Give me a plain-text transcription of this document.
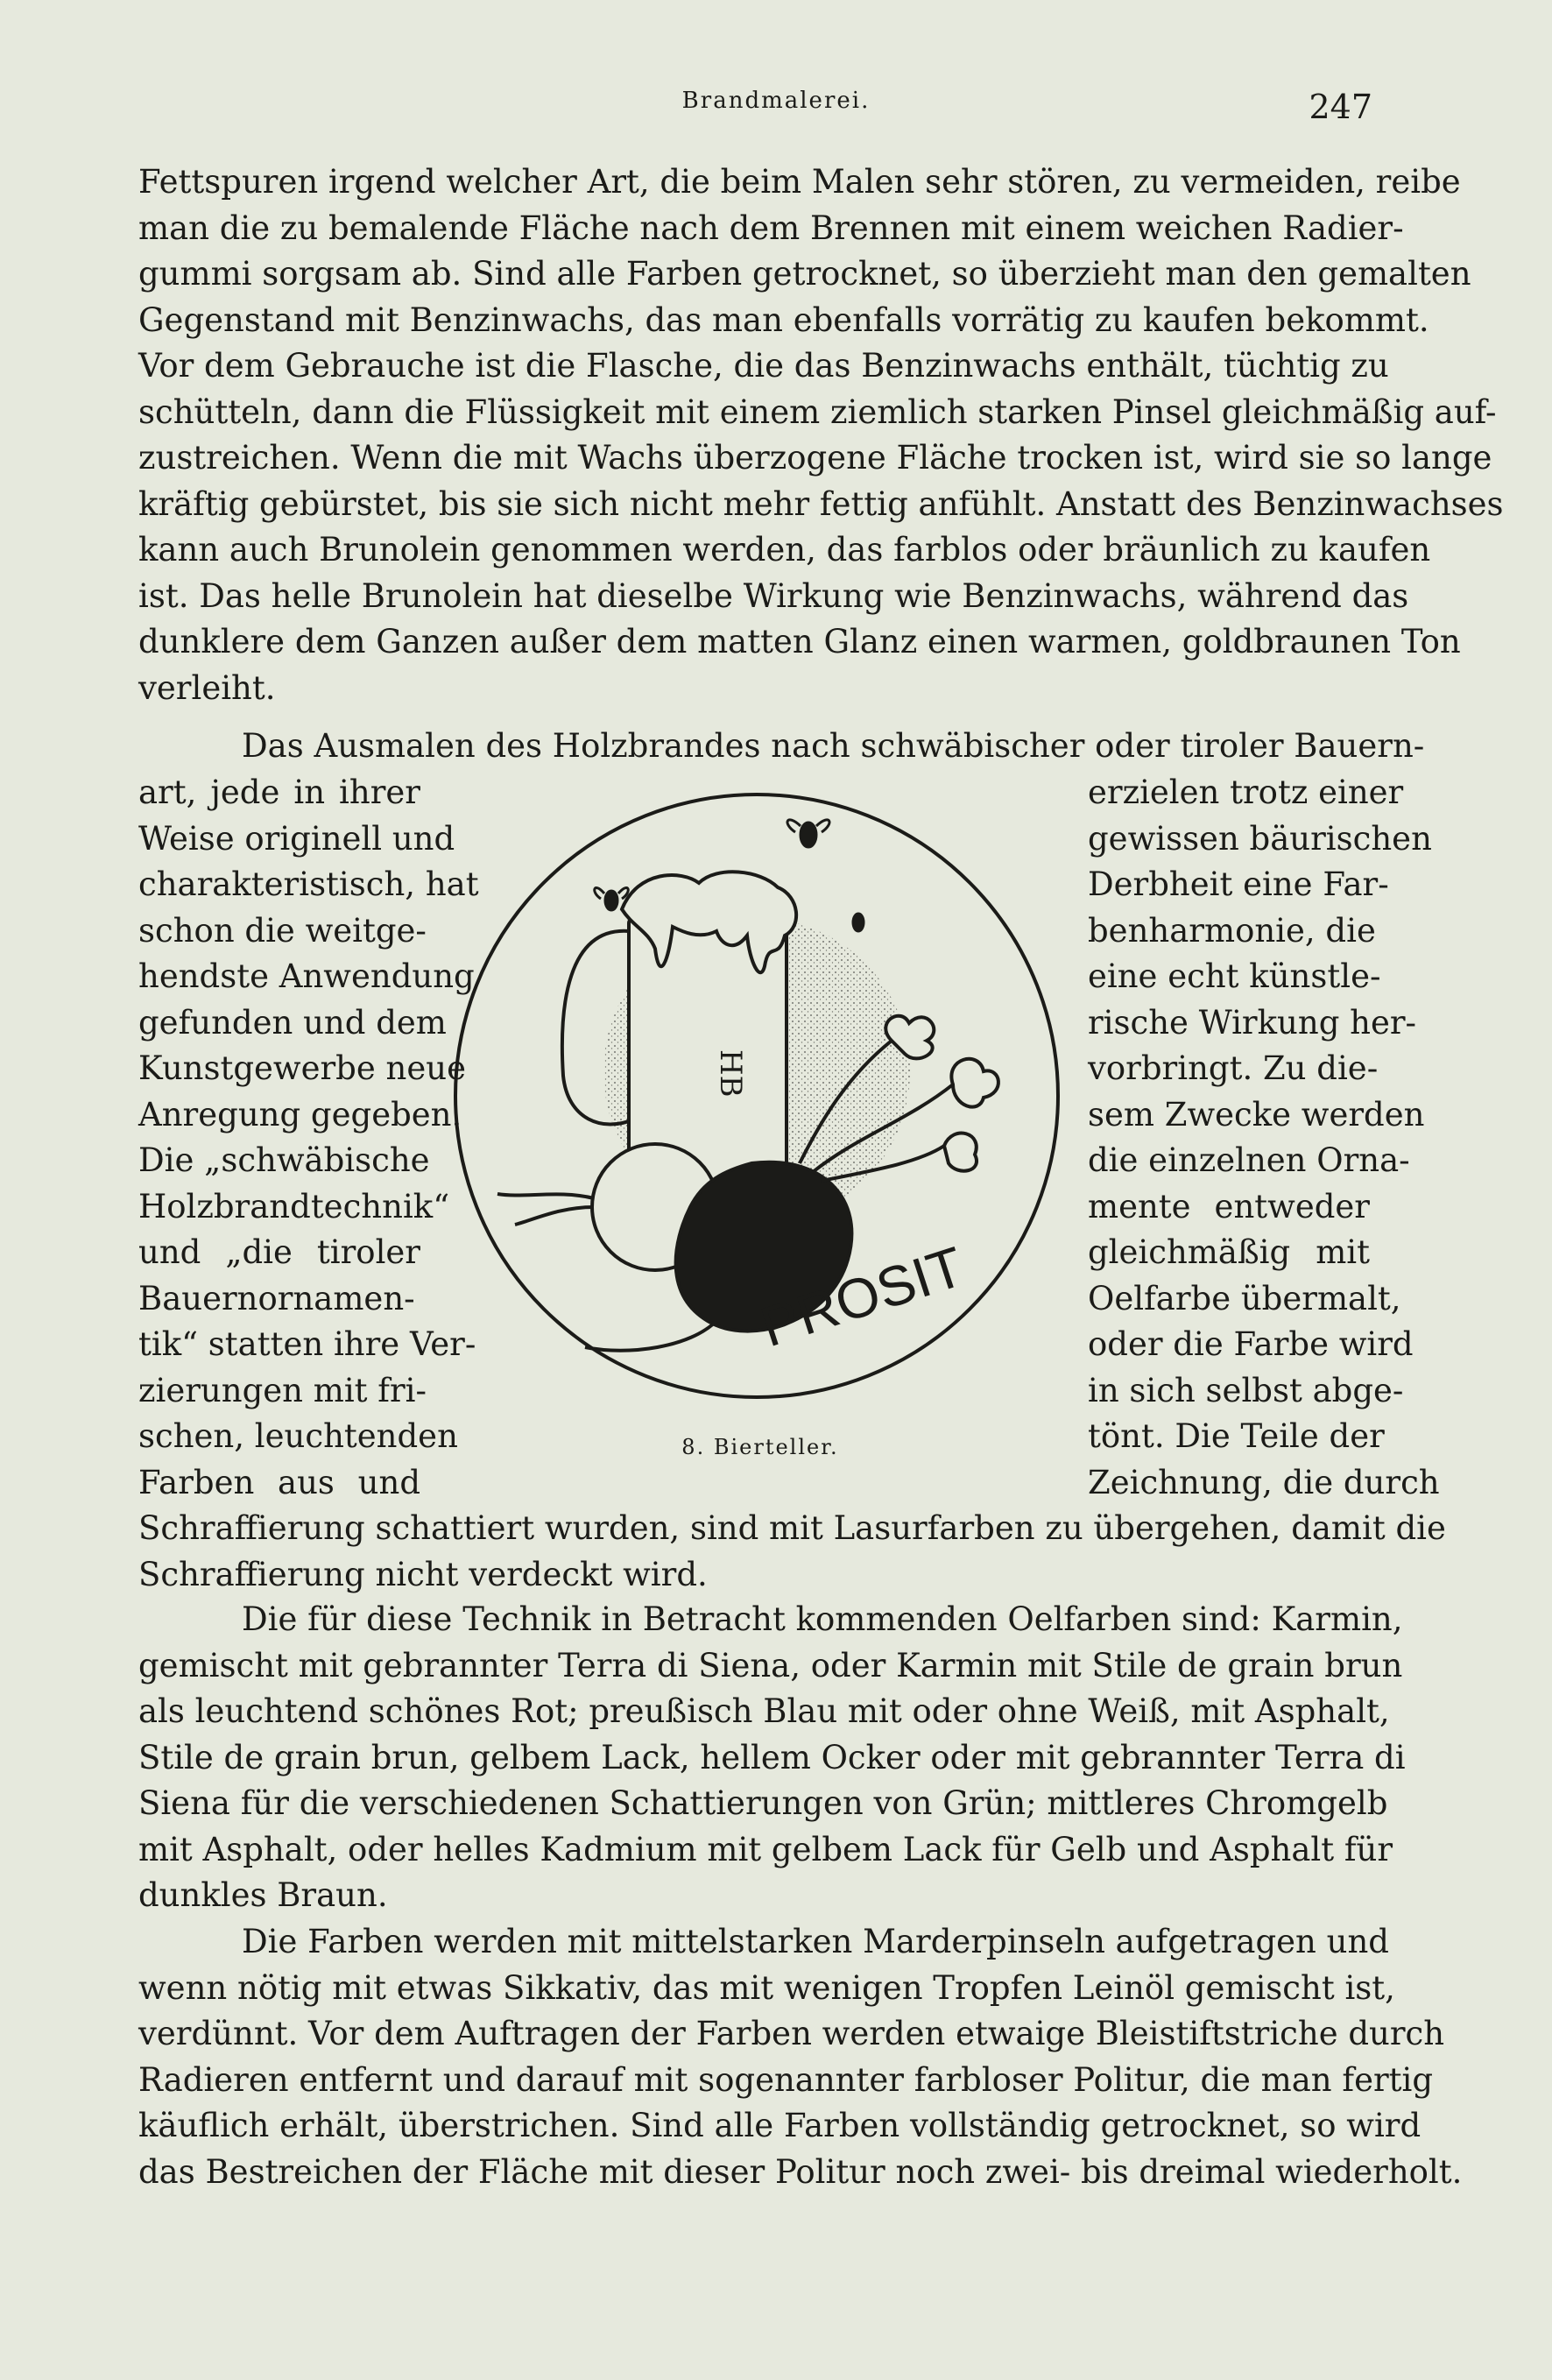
Brandmalerei.	247
Fettspuren irgend welcher Art, die beim Malen sehr stören, zu vermeiden, reibe
man die zu bemalende Fläche nach dem Brennen mit einem weichen Radier-
gummi sorgsam ab. Sind alle Farben getrocknet, so überzieht man den gemalten
Gegenstand mit Benzinwachs, das man ebenfalls vorrätig zu kaufen bekommt.
Vor dem Gebrauche ist die Flasche, die das Benzinwachs enthält, tüchtig zu
schütteln, dann die Flüssigkeit mit einem ziemlich starken Pinsel gleichmäßig auf-
zustreichen. Wenn die mit Wachs überzogene Fläche trocken ist, wird sie so lange
kräftig gebürstet, bis sie sich nicht mehr fettig anfühlt. Anstatt des Benzinwachses
kann auch Brunolein genommen werden, das farblos oder bräunlich zu kaufen
ist. Das helle Brunolein hat dieselbe Wirkung wie Benzinwachs, während das
dunklere dem Ganzen außer dem matten Glanz einen warmen, goldbraunen Ton
verleiht.
Das Ausmalen des Holzbrandes nach schwäbischer oder tiroler Bauern-
art, jede in ihrer
Weise originell und
charakteristisch, hat
schon die weitge-
hendste Anwendung
gefunden und dem
Kunstgewerbe neue
Anregung gegeben.
Die „schwäbische
Holzbrandtechnik“
und „die tiroler
Bauernornamen-
tik“ statten ihre Ver-
zierungen mit fri-
schen, leuchtenden
Farben aus und
erzielen trotz einer
gewissen bäurischen
Derbheit eine Far-
benharmonie, die
eine echt künstle-
rische Wirkung her-
vorbringt. Zu die-
sem Zwecke werden
die einzelnen Orna-
mente entweder
gleichmäßig mit
Oelfarbe übermalt,
oder die Farbe wird
in sich selbst abge-
tönt. Die Teile der
Zeichnung, die durch
HB
PROSIT
8. Bierteller.
Schraffierung schattiert wurden, sind mit Lasurfarben zu übergehen, damit die
Schraffierung nicht verdeckt wird.
Die für diese Technik in Betracht kommenden Oelfarben sind: Karmin,
gemischt mit gebrannter Terra di Siena, oder Karmin mit Stile de grain brun
als leuchtend schönes Rot; preußisch Blau mit oder ohne Weiß, mit Asphalt,
Stile de grain brun, gelbem Lack, hellem Ocker oder mit gebrannter Terra di
Siena für die verschiedenen Schattierungen von Grün; mittleres Chromgelb
mit Asphalt, oder helles Kadmium mit gelbem Lack für Gelb und Asphalt für
dunkles Braun.
Die Farben werden mit mittelstarken Marderpinseln aufgetragen und
wenn nötig mit etwas Sikkativ, das mit wenigen Tropfen Leinöl gemischt ist,
verdünnt. Vor dem Auftragen der Farben werden etwaige Bleistiftstriche durch
Radieren entfernt und darauf mit sogenannter farbloser Politur, die man fertig
käuflich erhält, überstrichen. Sind alle Farben vollständig getrocknet, so wird
das Bestreichen der Fläche mit dieser Politur noch zwei- bis dreimal wiederholt.
